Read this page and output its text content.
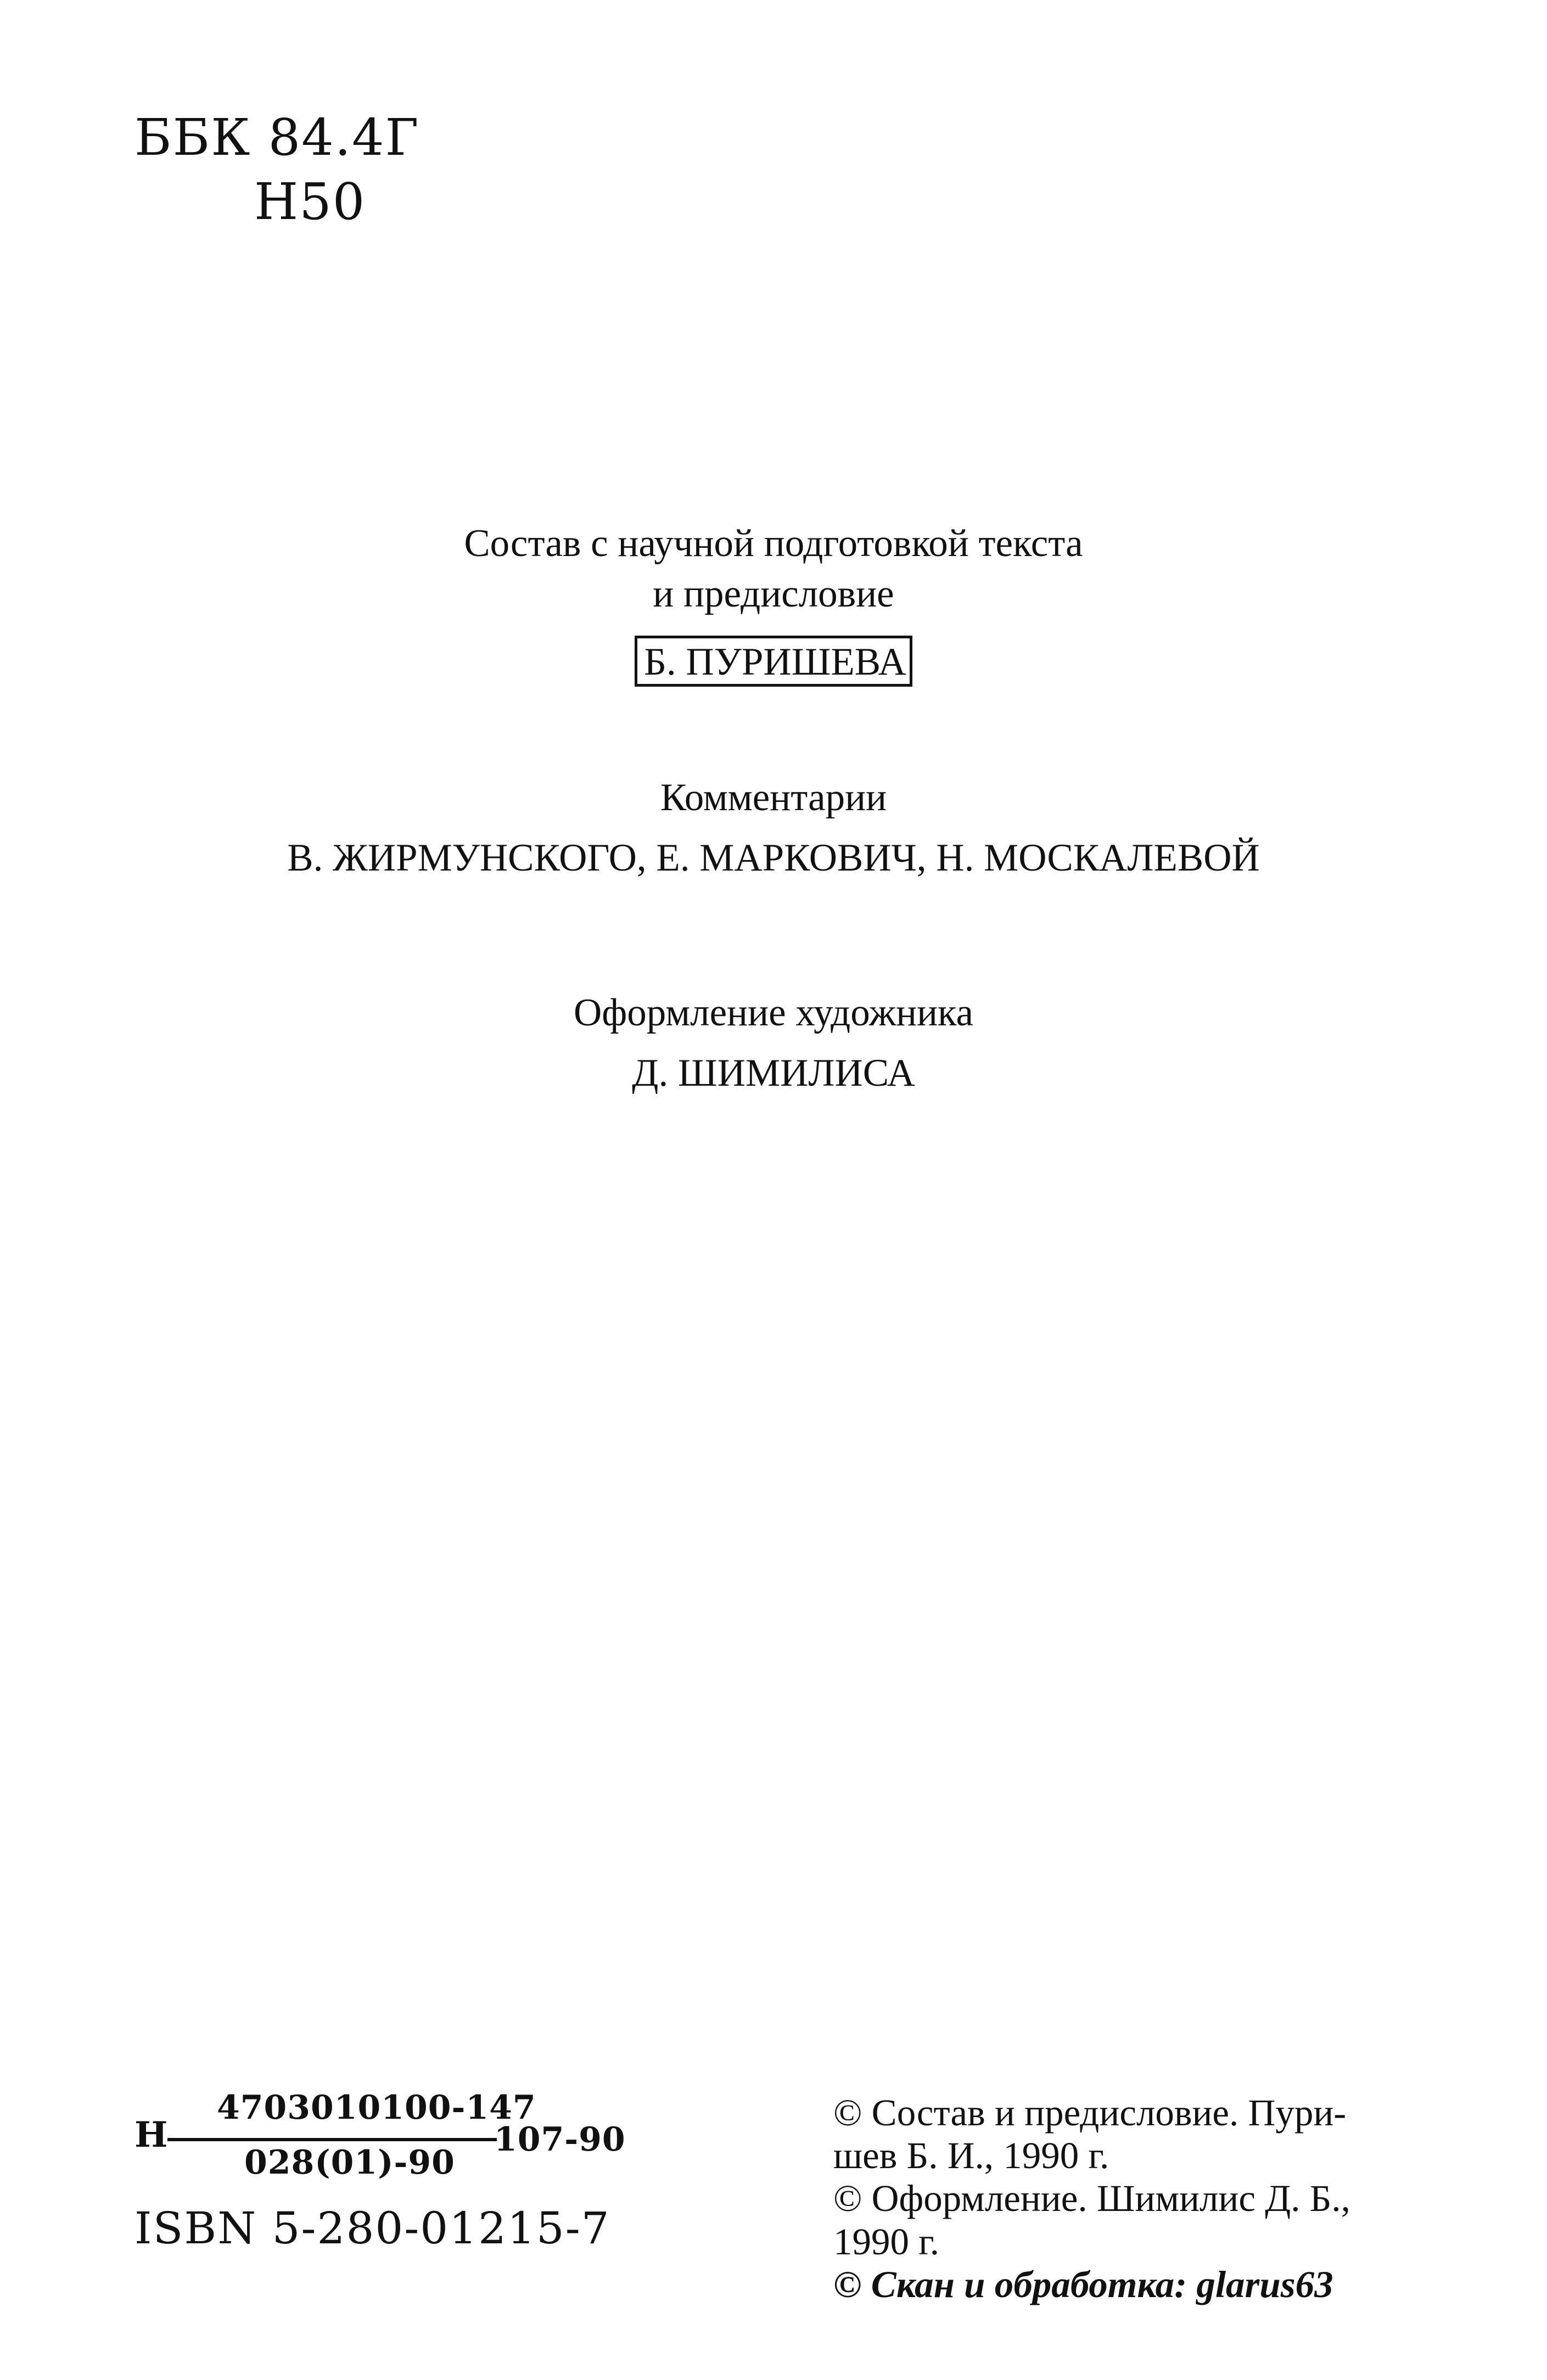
ББК 84.4Г
Н50
Состав с научной подготовкой текста
и предисловие
Б. ПУРИШЕВА
Комментарии
В. ЖИРМУНСКОГО, Е. МАРКОВИЧ, Н. МОСКАЛЕВОЙ
Оформление художника
Д. ШИМИЛИСА
Н
4703010100-147
028(01)-90
107-90
ISBN 5-280-01215-7
© Состав и предисловие. Пури-
шев Б. И., 1990 г.
© Оформление. Шимилис Д. Б.,
1990 г.
© Скан и обработка: glarus63
